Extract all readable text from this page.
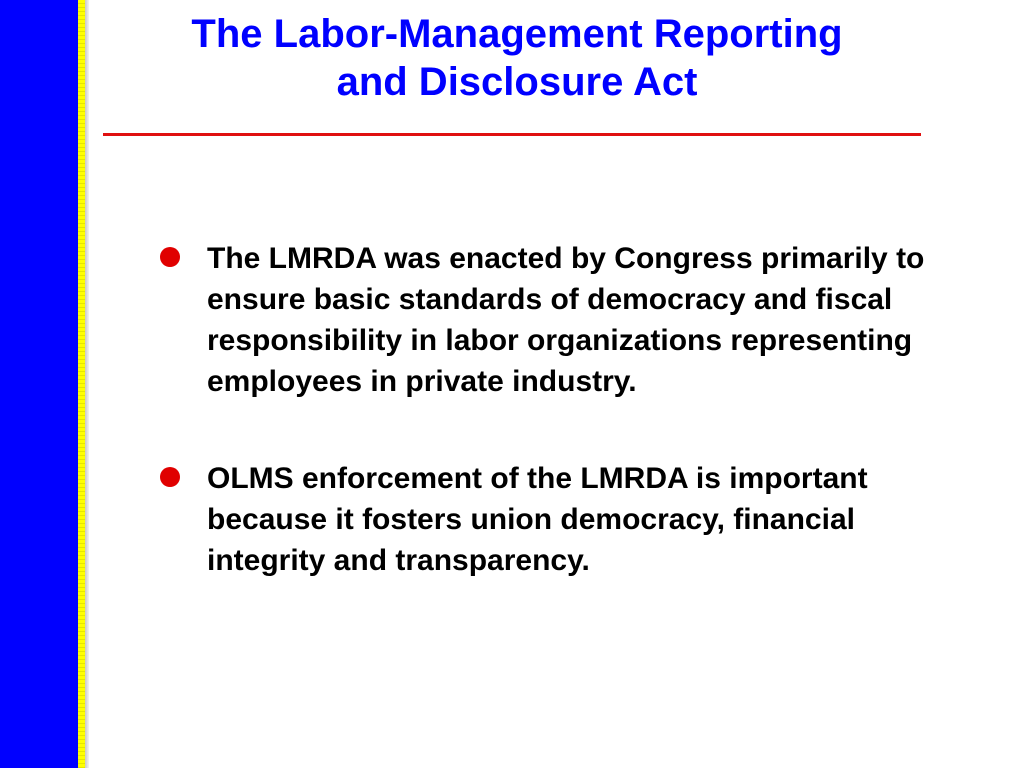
The Labor-Management Reporting
and Disclosure Act
The LMRDA was enacted by Congress primarily to ensure basic standards of democracy and fiscal responsibility in labor organizations representing employees in private industry.
OLMS enforcement of the LMRDA is important because it fosters union democracy, financial integrity and transparency.
